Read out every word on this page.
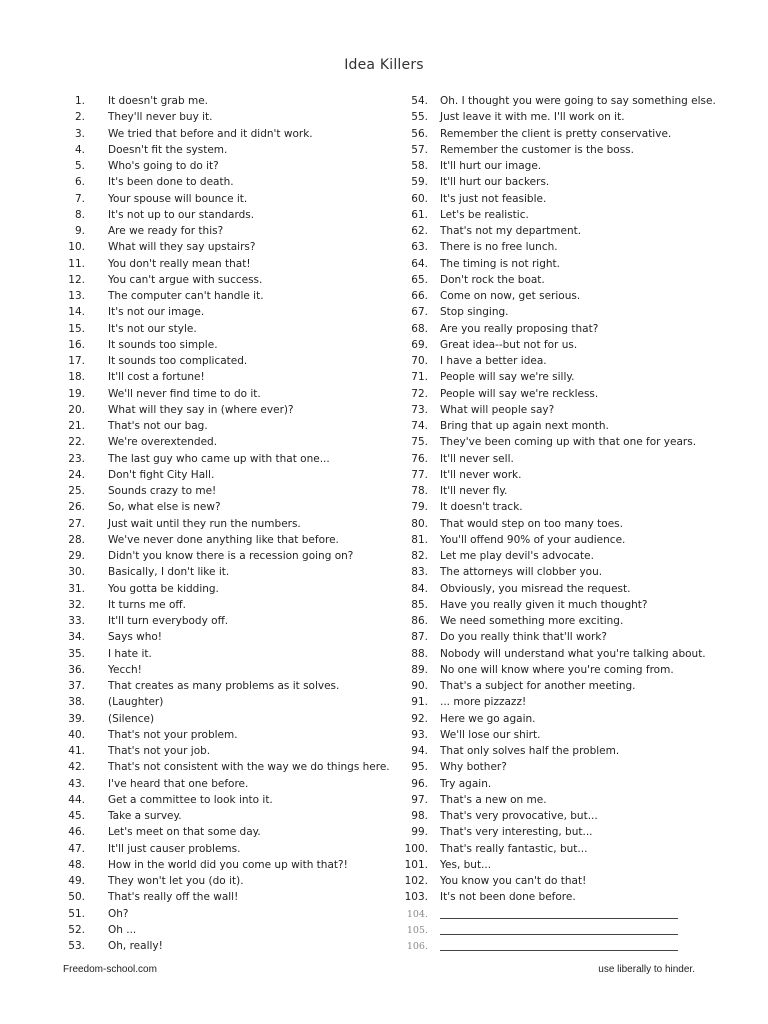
Idea Killers
1. It doesn't grab me.
2. They'll never buy it.
3. We tried that before and it didn't work.
4. Doesn't fit the system.
5. Who's going to do it?
6. It's been done to death.
7. Your spouse will bounce it.
8. It's not up to our standards.
9. Are we ready for this?
10. What will they say upstairs?
11. You don't really mean that!
12. You can't argue with success.
13. The computer can't handle it.
14. It's not our image.
15. It's not our style.
16. It sounds too simple.
17. It sounds too complicated.
18. It'll cost a fortune!
19. We'll never find time to do it.
20. What will they say in (where ever)?
21. That's not our bag.
22. We're overextended.
23. The last guy who came up with that one...
24. Don't fight City Hall.
25. Sounds crazy to me!
26. So, what else is new?
27. Just wait until they run the numbers.
28. We've never done anything like that before.
29. Didn't you know there is a recession going on?
30. Basically, I don't like it.
31. You gotta be kidding.
32. It turns me off.
33. It'll turn everybody off.
34. Says who!
35. I hate it.
36. Yecch!
37. That creates as many problems as it solves.
38. (Laughter)
39. (Silence)
40. That's not your problem.
41. That's not your job.
42. That's not consistent with the way we do things here.
43. I've heard that one before.
44. Get a committee to look into it.
45. Take a survey.
46. Let's meet on that some day.
47. It'll just causer problems.
48. How in the world did you come up with that?!
49. They won't let you (do it).
50. That's really off the wall!
51. Oh?
52. Oh ...
53. Oh, really!
54. Oh. I thought you were going to say something else.
55. Just leave it with me. I'll work on it.
56. Remember the client is pretty conservative.
57. Remember the customer is the boss.
58. It'll hurt our image.
59. It'll hurt our backers.
60. It's just not feasible.
61. Let's be realistic.
62. That's not my department.
63. There is no free lunch.
64. The timing is not right.
65. Don't rock the boat.
66. Come on now, get serious.
67. Stop singing.
68. Are you really proposing that?
69. Great idea--but not for us.
70. I have a better idea.
71. People will say we're silly.
72. People will say we're reckless.
73. What will people say?
74. Bring that up again next month.
75. They've been coming up with that one for years.
76. It'll never sell.
77. It'll never work.
78. It'll never fly.
79. It doesn't track.
80. That would step on too many toes.
81. You'll offend 90% of your audience.
82. Let me play devil's advocate.
83. The attorneys will clobber you.
84. Obviously, you misread the request.
85. Have you really given it much thought?
86. We need something more exciting.
87. Do you really think that'll work?
88. Nobody will understand what you're talking about.
89. No one will know where you're coming from.
90. That's a subject for another meeting.
91. ... more pizzazz!
92. Here we go again.
93. We'll lose our shirt.
94. That only solves half the problem.
95. Why bother?
96. Try again.
97. That's a new on me.
98. That's very provocative, but...
99. That's very interesting, but...
100. That's really fantastic, but...
101. Yes, but...
102. You know you can't do that!
103. It's not been done before.
104.
105.
106.
Freedom-school.com	use liberally to hinder.
